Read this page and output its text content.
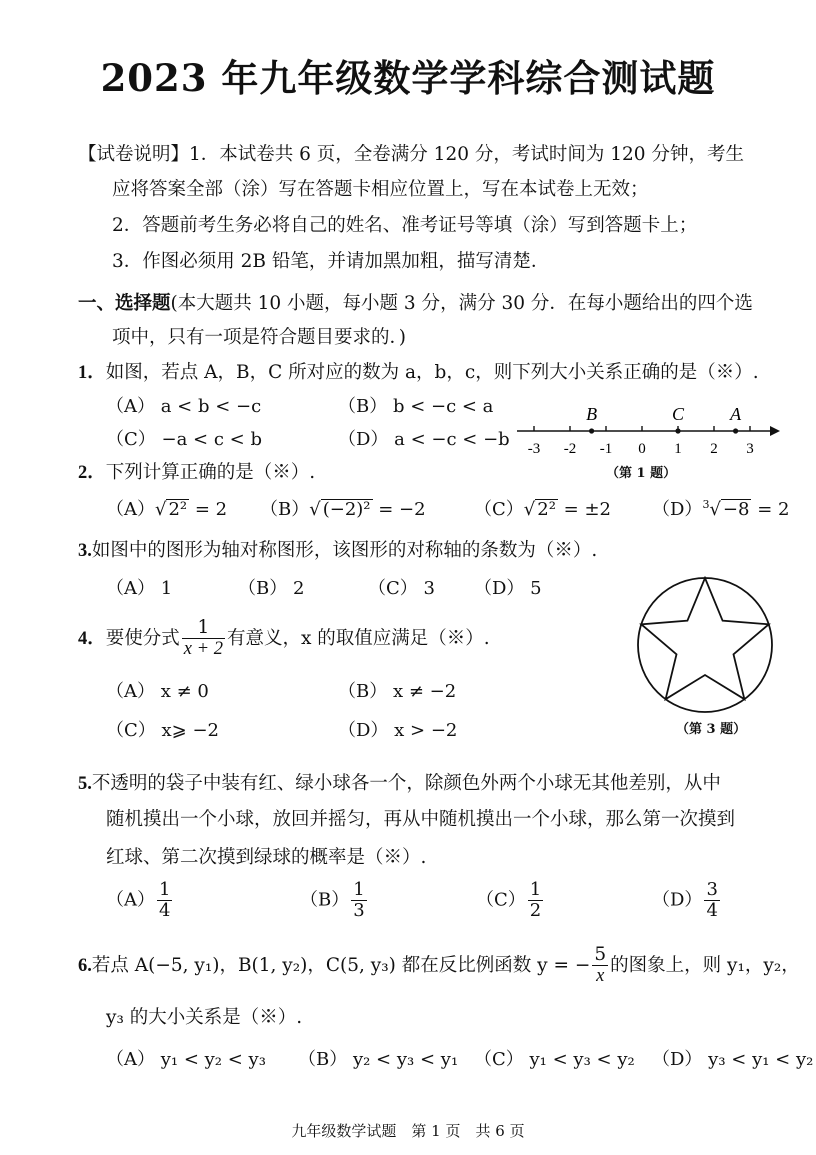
2023 年九年级数学学科综合测试题
【试卷说明】1．本试卷共 6 页，全卷满分 120 分，考试时间为 120 分钟，考生
应将答案全部（涂）写在答题卡相应位置上，写在本试卷上无效；
2．答题前考生务必将自己的姓名、准考证号等填（涂）写到答题卡上；
3．作图必须用 2B 铅笔，并请加黑加粗，描写清楚．
一、选择题(本大题共 10 小题，每小题 3 分，满分 30 分．在每小题给出的四个选
项中，只有一项是符合题目要求的．)
1．如图，若点 A，B，C 所对应的数为 a，b，c，则下列大小关系正确的是（※）.
（A） a < b < −c	（B） b < −c < a
（C） −a < c < b	（D） a < −c < −b -3 -2 -1 0 1 2 3
B	C	A
（第 1 题）
2．下列计算正确的是（※）.
（A）√ 2² = 2 （B）√ (−2)² = −2	（C）√ 2² = ±2 $(D)^3√ -8 = 2$
3.如图中的图形为轴对称图形，该图形的对称轴的条数为（※）.
（A） 1	（B） 2	（C） 3 （D） 5
（第 3 题）
4．要使分式 $\frac{1}{x + 2}$ 有意义，x 的取值应满足（※）.
（A） x ≠ 0	（B） x ≠ −2
（C） x⩾ −2	（D） x > −2
5.不透明的袋子中装有红、绿小球各一个，除颜色外两个小球无其他差别，从中
随机摸出一个小球，放回并摇匀，再从中随机摸出一个小球，那么第一次摸到
红球、第二次摸到绿球的概率是（※）.
$(A) \frac{1}{4}$	$(B) \frac{1}{3}$	$(C) \frac{1}{2}$	$(D) \frac{3}{4}$
6.若点 A(−5, y₁)，B(1, y₂)，C(5, y₃) 都在反比例函数 y = − $\frac{5}{x}$ 的图象上，则 y₁，y₂，
y₃ 的大小关系是（※）.
（A） y₁ < y₂ < y₃ （B） y₂ < y₃ < y₁ （C） y₁ < y₃ < y₂ （D） y₃ < y₁ < y₂
九年级数学试题　第 1 页　共 6 页
